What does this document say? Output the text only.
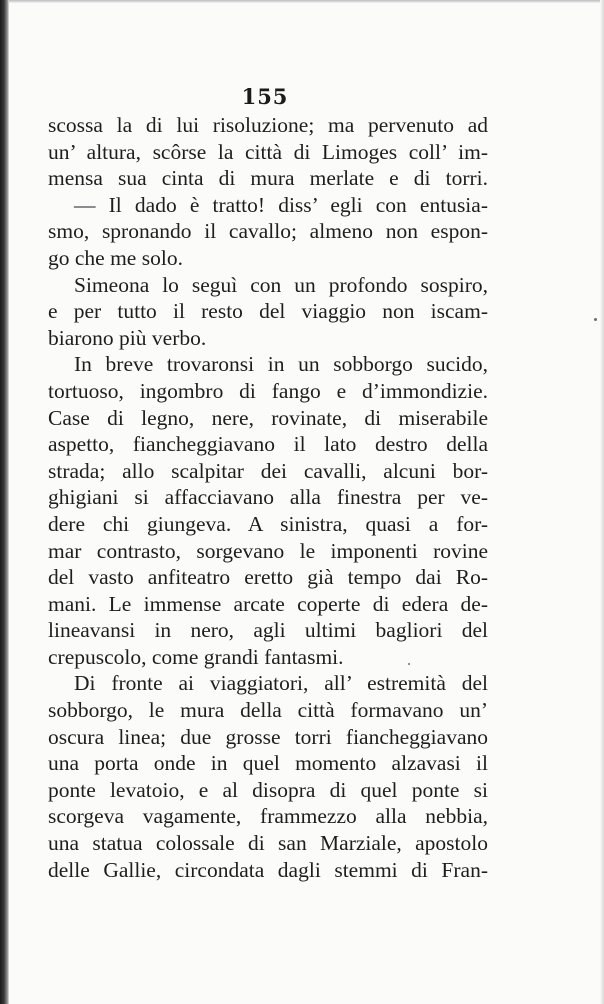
155
scossa la di lui risoluzione; ma pervenuto ad
un’ altura, scôrse la città di Limoges coll’ im-
mensa sua cinta di mura merlate e di torri.
— Il dado è tratto! diss’ egli con entusia-
smo, spronando il cavallo; almeno non espon-
go che me solo.
Simeona lo seguì con un profondo sospiro,
e per tutto il resto del viaggio non iscam-
biarono più verbo.
In breve trovaronsi in un sobborgo sucido,
tortuoso, ingombro di fango e d’immondizie.
Case di legno, nere, rovinate, di miserabile
aspetto, fiancheggiavano il lato destro della
strada; allo scalpitar dei cavalli, alcuni bor-
ghigiani si affacciavano alla finestra per ve-
dere chi giungeva. A sinistra, quasi a for-
mar contrasto, sorgevano le imponenti rovine
del vasto anfiteatro eretto già tempo dai Ro-
mani. Le immense arcate coperte di edera de-
lineavansi in nero, agli ultimi bagliori del
crepuscolo, come grandi fantasmi.
Di fronte ai viaggiatori, all’ estremità del
sobborgo, le mura della città formavano un’
oscura linea; due grosse torri fiancheggiavano
una porta onde in quel momento alzavasi il
ponte levatoio, e al disopra di quel ponte si
scorgeva vagamente, frammezzo alla nebbia,
una statua colossale di san Marziale, apostolo
delle Gallie, circondata dagli stemmi di Fran-
